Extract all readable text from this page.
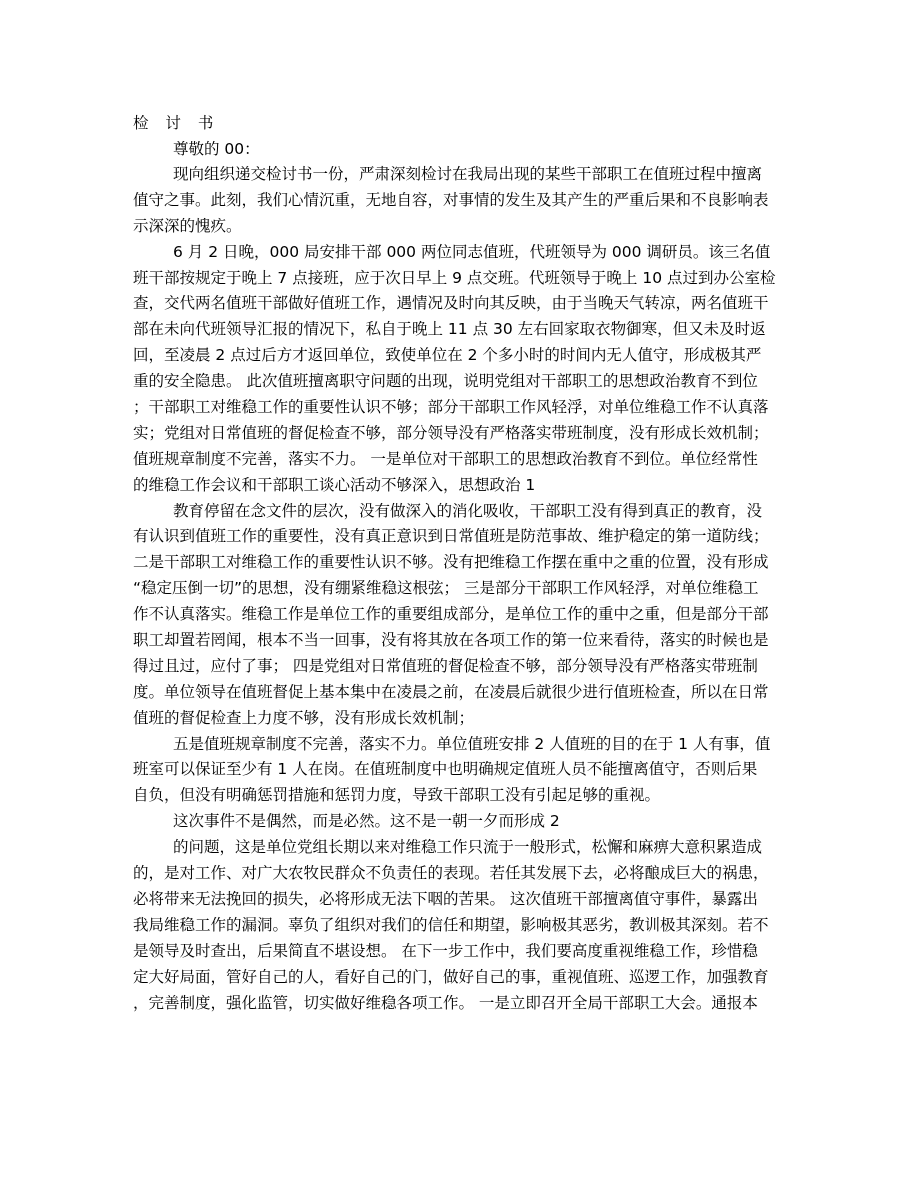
检 讨 书
尊敬的 00：
现向组织递交检讨书一份，严肃深刻检讨在我局出现的某些干部职工在值班过程中擅离
值守之事。此刻，我们心情沉重，无地自容，对事情的发生及其产生的严重后果和不良影响表
示深深的愧疚。
6 月 2 日晚，000 局安排干部 000 两位同志值班，代班领导为 000 调研员。该三名值
班干部按规定于晚上 7 点接班，应于次日早上 9 点交班。代班领导于晚上 10 点过到办公室检
查，交代两名值班干部做好值班工作，遇情况及时向其反映，由于当晚天气转凉，两名值班干
部在未向代班领导汇报的情况下，私自于晚上 11 点 30 左右回家取衣物御寒，但又未及时返
回，至凌晨 2 点过后方才返回单位，致使单位在 2 个多小时的时间内无人值守，形成极其严
重的安全隐患。 此次值班擅离职守问题的出现，说明党组对干部职工的思想政治教育不到位
；干部职工对维稳工作的重要性认识不够；部分干部职工作风轻浮，对单位维稳工作不认真落
实；党组对日常值班的督促检查不够，部分领导没有严格落实带班制度，没有形成长效机制；
值班规章制度不完善，落实不力。 一是单位对干部职工的思想政治教育不到位。单位经常性
的维稳工作会议和干部职工谈心活动不够深入，思想政治 1
教育停留在念文件的层次，没有做深入的消化吸收，干部职工没有得到真正的教育，没
有认识到值班工作的重要性，没有真正意识到日常值班是防范事故、维护稳定的第一道防线；
二是干部职工对维稳工作的重要性认识不够。没有把维稳工作摆在重中之重的位置，没有形成
“稳定压倒一切”的思想，没有绷紧维稳这根弦； 三是部分干部职工作风轻浮，对单位维稳工
作不认真落实。维稳工作是单位工作的重要组成部分，是单位工作的重中之重，但是部分干部
职工却置若罔闻，根本不当一回事，没有将其放在各项工作的第一位来看待，落实的时候也是
得过且过，应付了事； 四是党组对日常值班的督促检查不够，部分领导没有严格落实带班制
度。单位领导在值班督促上基本集中在凌晨之前，在凌晨后就很少进行值班检查，所以在日常
值班的督促检查上力度不够，没有形成长效机制；
五是值班规章制度不完善，落实不力。单位值班安排 2 人值班的目的在于 1 人有事，值
班室可以保证至少有 1 人在岗。在值班制度中也明确规定值班人员不能擅离值守，否则后果
自负，但没有明确惩罚措施和惩罚力度，导致干部职工没有引起足够的重视。
这次事件不是偶然，而是必然。这不是一朝一夕而形成 2
的问题，这是单位党组长期以来对维稳工作只流于一般形式，松懈和麻痹大意积累造成
的，是对工作、对广大农牧民群众不负责任的表现。若任其发展下去，必将酿成巨大的祸患，
必将带来无法挽回的损失，必将形成无法下咽的苦果。 这次值班干部擅离值守事件，暴露出
我局维稳工作的漏洞。辜负了组织对我们的信任和期望，影响极其恶劣，教训极其深刻。若不
是领导及时查出，后果简直不堪设想。 在下一步工作中，我们要高度重视维稳工作，珍惜稳
定大好局面，管好自己的人，看好自己的门，做好自己的事，重视值班、巡逻工作，加强教育
，完善制度，强化监管，切实做好维稳各项工作。 一是立即召开全局干部职工大会。通报本
